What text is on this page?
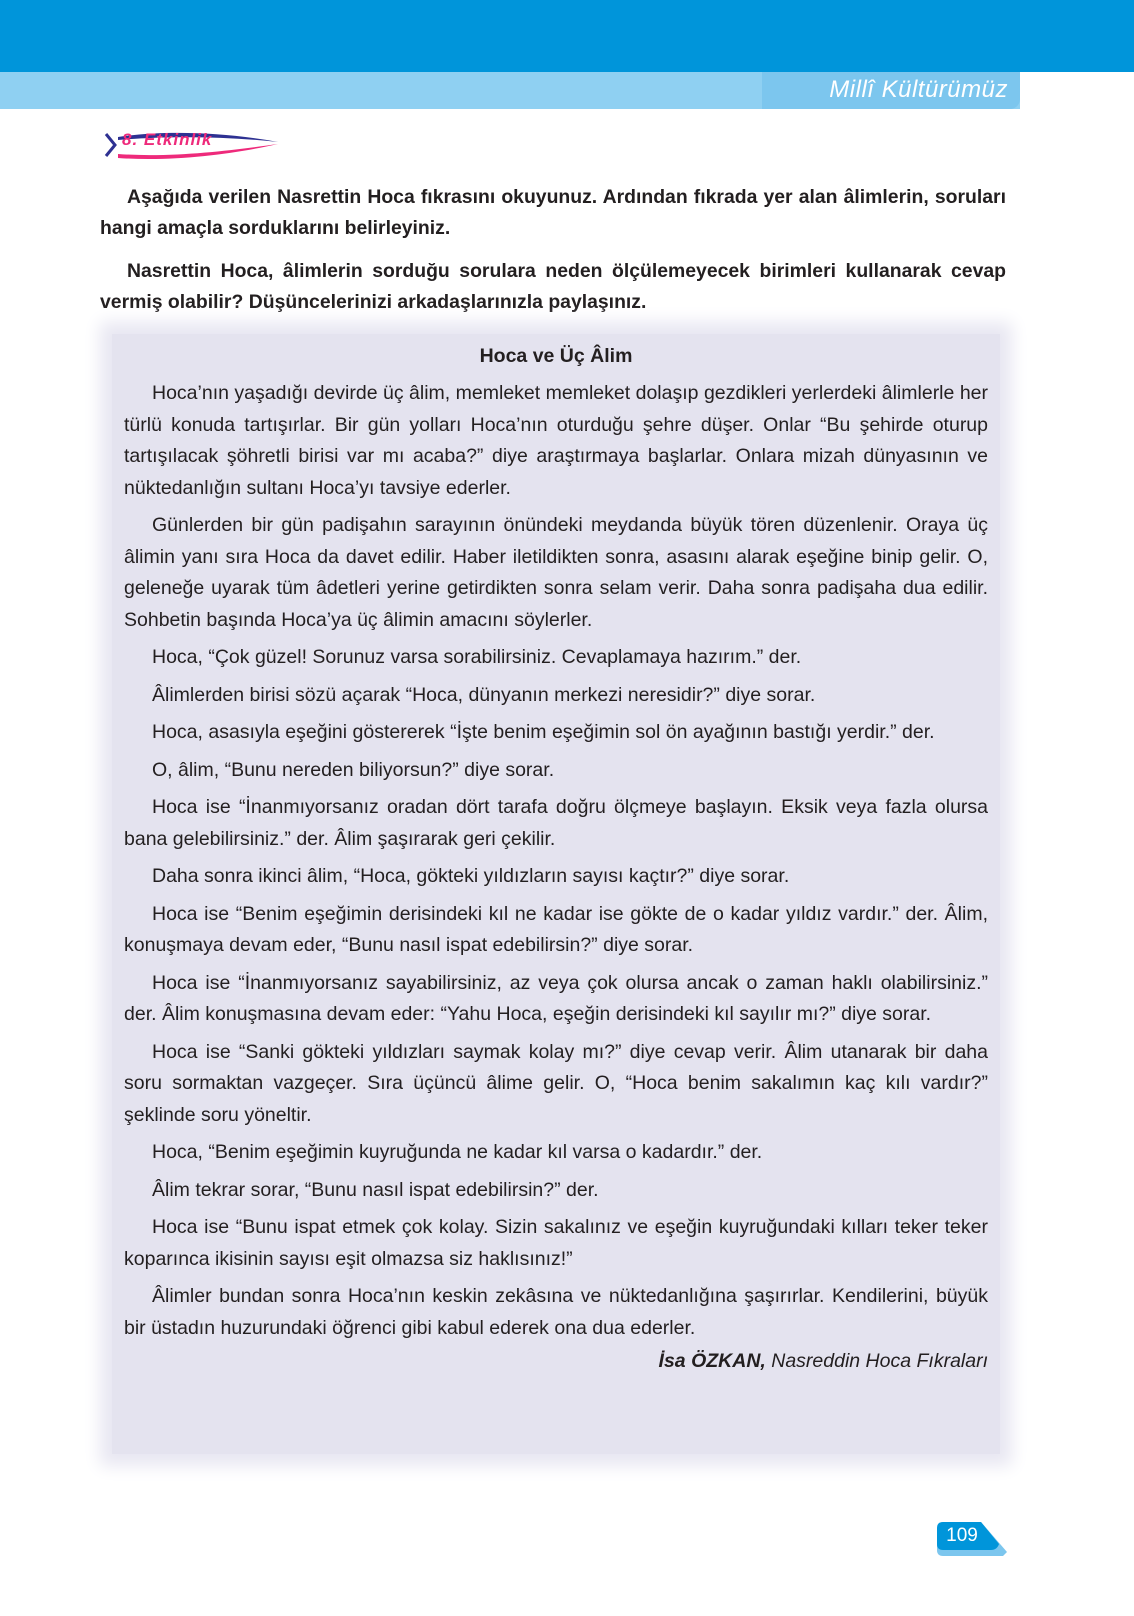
Millî Kültürümüz
8. Etkinlik

Aşağıda verilen Nasrettin Hoca fıkrasını okuyunuz. Ardından fıkrada yer alan âlimlerin, soruları hangi amaçla sorduklarını belirleyiniz.

Nasrettin Hoca, âlimlerin sorduğu sorulara neden ölçülemeyecek birimleri kullanarak cevap vermiş olabilir? Düşüncelerinizi arkadaşlarınızla paylaşınız.

Hoca ve Üç Âlim

Hoca’nın yaşadığı devirde üç âlim, memleket memleket dolaşıp gezdikleri yerlerdeki âlimlerle her türlü konuda tartışırlar. Bir gün yolları Hoca’nın oturduğu şehre düşer. Onlar “Bu şehirde oturup tartışılacak şöhretli birisi var mı acaba?” diye araştırmaya başlarlar. Onlara mizah dünyasının ve nüktedanlığın sultanı Hoca’yı tavsiye ederler.

Günlerden bir gün padişahın sarayının önündeki meydanda büyük tören düzenlenir. Oraya üç âlimin yanı sıra Hoca da davet edilir. Haber iletildikten sonra, asasını alarak eşeğine binip gelir. O, geleneğe uyarak tüm âdetleri yerine getirdikten sonra selam verir. Daha sonra padişaha dua edilir. Sohbetin başında Hoca’ya üç âlimin amacını söylerler.

Hoca, “Çok güzel! Sorunuz varsa sorabilirsiniz. Cevaplamaya hazırım.” der.

Âlimlerden birisi sözü açarak “Hoca, dünyanın merkezi neresidir?” diye sorar.

Hoca, asasıyla eşeğini göstererek “İşte benim eşeğimin sol ön ayağının bastığı yerdir.” der.

O, âlim, “Bunu nereden biliyorsun?” diye sorar.

Hoca ise “İnanmıyorsanız oradan dört tarafa doğru ölçmeye başlayın. Eksik veya fazla olursa bana gelebilirsiniz.” der. Âlim şaşırarak geri çekilir.

Daha sonra ikinci âlim, “Hoca, gökteki yıldızların sayısı kaçtır?” diye sorar.

Hoca ise “Benim eşeğimin derisindeki kıl ne kadar ise gökte de o kadar yıldız vardır.” der. Âlim, konuşmaya devam eder, “Bunu nasıl ispat edebilirsin?” diye sorar.

Hoca ise “İnanmıyorsanız sayabilirsiniz, az veya çok olursa ancak o zaman haklı olabilirsiniz.” der. Âlim konuşmasına devam eder: “Yahu Hoca, eşeğin derisindeki kıl sayılır mı?” diye sorar.

Hoca ise “Sanki gökteki yıldızları saymak kolay mı?” diye cevap verir. Âlim utanarak bir daha soru sormaktan vazgeçer. Sıra üçüncü âlime gelir. O, “Hoca benim sakalımın kaç kılı vardır?” şeklinde soru yöneltir.

Hoca, “Benim eşeğimin kuyruğunda ne kadar kıl varsa o kadardır.” der.

Âlim tekrar sorar, “Bunu nasıl ispat edebilirsin?” der.

Hoca ise “Bunu ispat etmek çok kolay. Sizin sakalınız ve eşeğin kuyruğundaki kılları teker teker koparınca ikisinin sayısı eşit olmazsa siz haklısınız!”

Âlimler bundan sonra Hoca’nın keskin zekâsına ve nüktedanlığına şaşırırlar. Kendilerini, büyük bir üstadın huzurundaki öğrenci gibi kabul ederek ona dua ederler.

İsa ÖZKAN, Nasreddin Hoca Fıkraları
109
